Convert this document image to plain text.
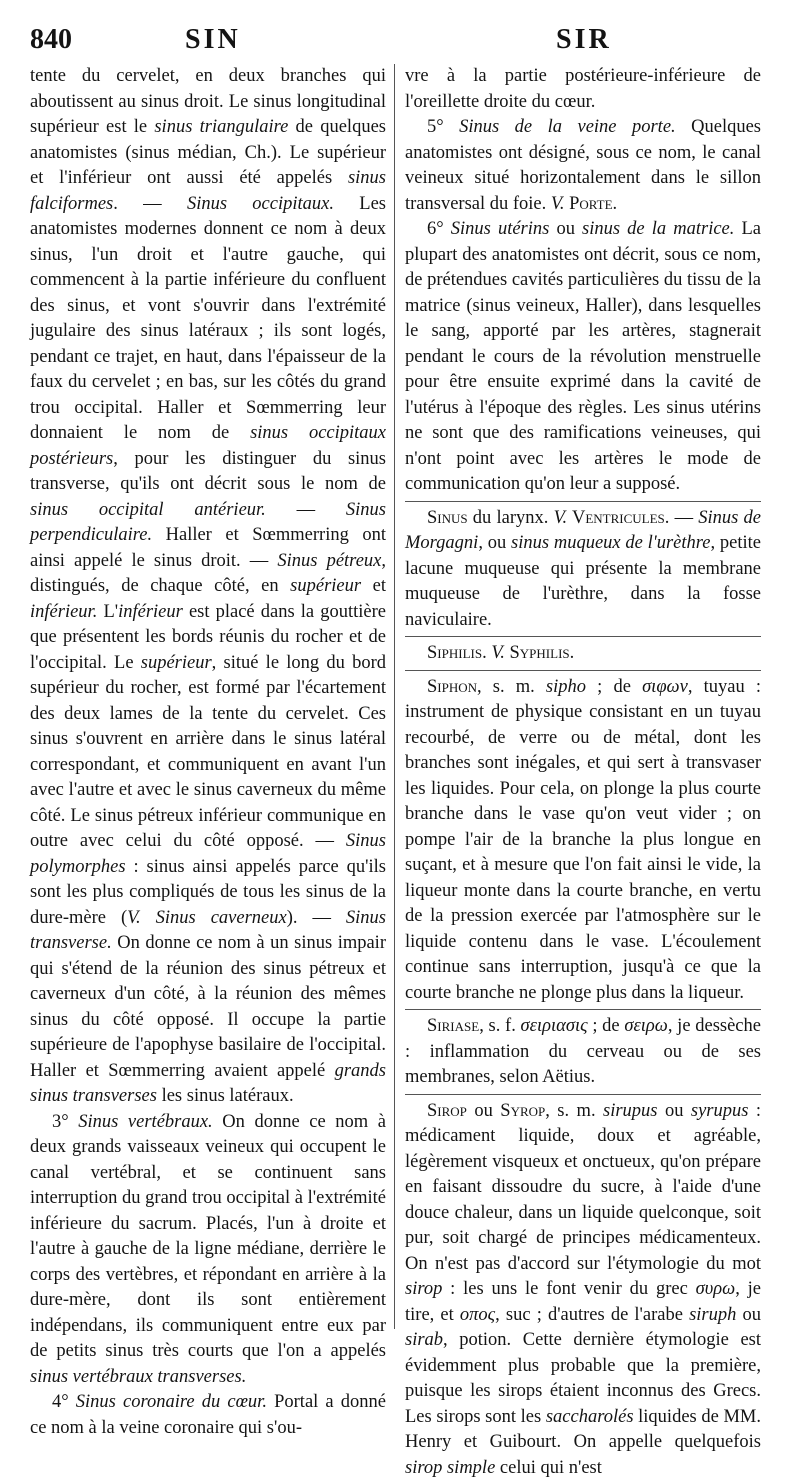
840	SIN	SIR

tente du cervelet, en deux branches qui aboutissent au sinus droit. Le sinus longitudinal supérieur est le sinus triangulaire de quelques anatomistes (sinus médian, Ch.). Le supérieur et l'inférieur ont aussi été appelés sinus falciformes. — Sinus occipitaux. Les anatomistes modernes donnent ce nom à deux sinus, l'un droit et l'autre gauche, qui commencent à la partie inférieure du confluent des sinus, et vont s'ouvrir dans l'extrémité jugulaire des sinus latéraux ; ils sont logés, pendant ce trajet, en haut, dans l'épaisseur de la faux du cervelet ; en bas, sur les côtés du grand trou occipital. Haller et Sœmmerring leur donnaient le nom de sinus occipitaux postérieurs, pour les distinguer du sinus transverse, qu'ils ont décrit sous le nom de sinus occipital antérieur. — Sinus perpendiculaire. Haller et Sœmmerring ont ainsi appelé le sinus droit. — Sinus pétreux, distingués, de chaque côté, en supérieur et inférieur. L'inférieur est placé dans la gouttière que présentent les bords réunis du rocher et de l'occipital. Le supérieur, situé le long du bord supérieur du rocher, est formé par l'écartement des deux lames de la tente du cervelet. Ces sinus s'ouvrent en arrière dans le sinus latéral correspondant, et communiquent en avant l'un avec l'autre et avec le sinus caverneux du même côté. Le sinus pétreux inférieur communique en outre avec celui du côté opposé. — Sinus polymorphes : sinus ainsi appelés parce qu'ils sont les plus compliqués de tous les sinus de la dure-mère (V. Sinus caverneux). — Sinus transverse. On donne ce nom à un sinus impair qui s'étend de la réunion des sinus pétreux et caverneux d'un côté, à la réunion des mêmes sinus du côté opposé. Il occupe la partie supérieure de l'apophyse basilaire de l'occipital. Haller et Sœmmerring avaient appelé grands sinus transverses les sinus latéraux.

3° Sinus vertébraux. On donne ce nom à deux grands vaisseaux veineux qui occupent le canal vertébral, et se continuent sans interruption du grand trou occipital à l'extrémité inférieure du sacrum. Placés, l'un à droite et l'autre à gauche de la ligne médiane, derrière le corps des vertèbres, et répondant en arrière à la dure-mère, dont ils sont entièrement indépendans, ils communiquent entre eux par de petits sinus très courts que l'on a appelés sinus vertébraux transverses.

4° Sinus coronaire du cœur. Portal a donné ce nom à la veine coronaire qui s'ou-

vre à la partie postérieure-inférieure de l'oreillette droite du cœur.

5° Sinus de la veine porte. Quelques anatomistes ont désigné, sous ce nom, le canal veineux situé horizontalement dans le sillon transversal du foie. V. Porte.

6° Sinus utérins ou sinus de la matrice. La plupart des anatomistes ont décrit, sous ce nom, de prétendues cavités particulières du tissu de la matrice (sinus veineux, Haller), dans lesquelles le sang, apporté par les artères, stagnerait pendant le cours de la révolution menstruelle pour être ensuite exprimé dans la cavité de l'utérus à l'époque des règles. Les sinus utérins ne sont que des ramifications veineuses, qui n'ont point avec les artères le mode de communication qu'on leur a supposé.

Sinus du larynx. V. Ventricules. — Sinus de Morgagni, ou sinus muqueux de l'urèthre, petite lacune muqueuse qui présente la membrane muqueuse de l'urèthre, dans la fosse naviculaire.

Siphilis. V. Syphilis.

Siphon, s. m. sipho ; de σιφων, tuyau : instrument de physique consistant en un tuyau recourbé, de verre ou de métal, dont les branches sont inégales, et qui sert à transvaser les liquides. Pour cela, on plonge la plus courte branche dans le vase qu'on veut vider ; on pompe l'air de la branche la plus longue en suçant, et à mesure que l'on fait ainsi le vide, la liqueur monte dans la courte branche, en vertu de la pression exercée par l'atmosphère sur le liquide contenu dans le vase. L'écoulement continue sans interruption, jusqu'à ce que la courte branche ne plonge plus dans la liqueur.

Siriase, s. f. σειριασις ; de σειρω, je dessèche : inflammation du cerveau ou de ses membranes, selon Aëtius.

Sirop ou Syrop, s. m. sirupus ou syrupus : médicament liquide, doux et agréable, légèrement visqueux et onctueux, qu'on prépare en faisant dissoudre du sucre, à l'aide d'une douce chaleur, dans un liquide quelconque, soit pur, soit chargé de principes médicamenteux. On n'est pas d'accord sur l'étymologie du mot sirop : les uns le font venir du grec συρω, je tire, et οπος, suc ; d'autres de l'arabe siruph ou sirab, potion. Cette dernière étymologie est évidemment plus probable que la première, puisque les sirops étaient inconnus des Grecs. Les sirops sont les saccharolés liquides de MM. Henry et Guibourt. On appelle quelquefois sirop simple celui qui n'est
